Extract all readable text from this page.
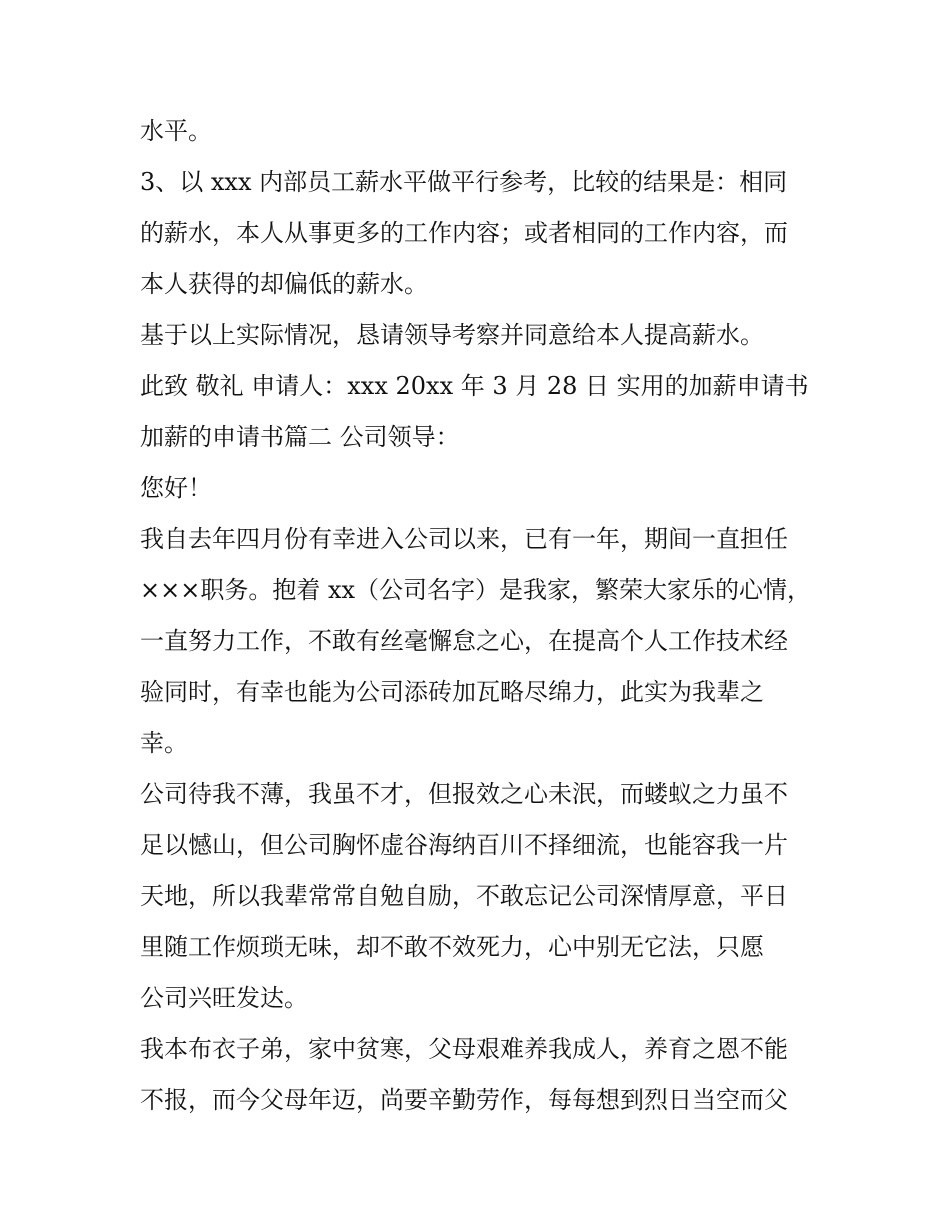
水平。
3、以 xxx 内部员工薪水平做平行参考，比较的结果是：相同
的薪水，本人从事更多的工作内容；或者相同的工作内容，而
本人获得的却偏低的薪水。
基于以上实际情况，恳请领导考察并同意给本人提高薪水。
此致 敬礼 申请人：xxx 20xx 年 3 月 28 日 实用的加薪申请书
加薪的申请书篇二 公司领导：
您好！
我自去年四月份有幸进入公司以来，已有一年，期间一直担任
×××职务。抱着 xx（公司名字）是我家，繁荣大家乐的心情，
一直努力工作，不敢有丝毫懈怠之心，在提高个人工作技术经
验同时，有幸也能为公司添砖加瓦略尽绵力，此实为我辈之
幸。
公司待我不薄，我虽不才，但报效之心未泯，而蝼蚁之力虽不
足以憾山，但公司胸怀虚谷海纳百川不择细流，也能容我一片
天地，所以我辈常常自勉自励，不敢忘记公司深情厚意，平日
里随工作烦琐无味，却不敢不效死力，心中别无它法，只愿
公司兴旺发达。
我本布衣子弟，家中贫寒，父母艰难养我成人，养育之恩不能
不报，而今父母年迈，尚要辛勤劳作，每每想到烈日当空而父
